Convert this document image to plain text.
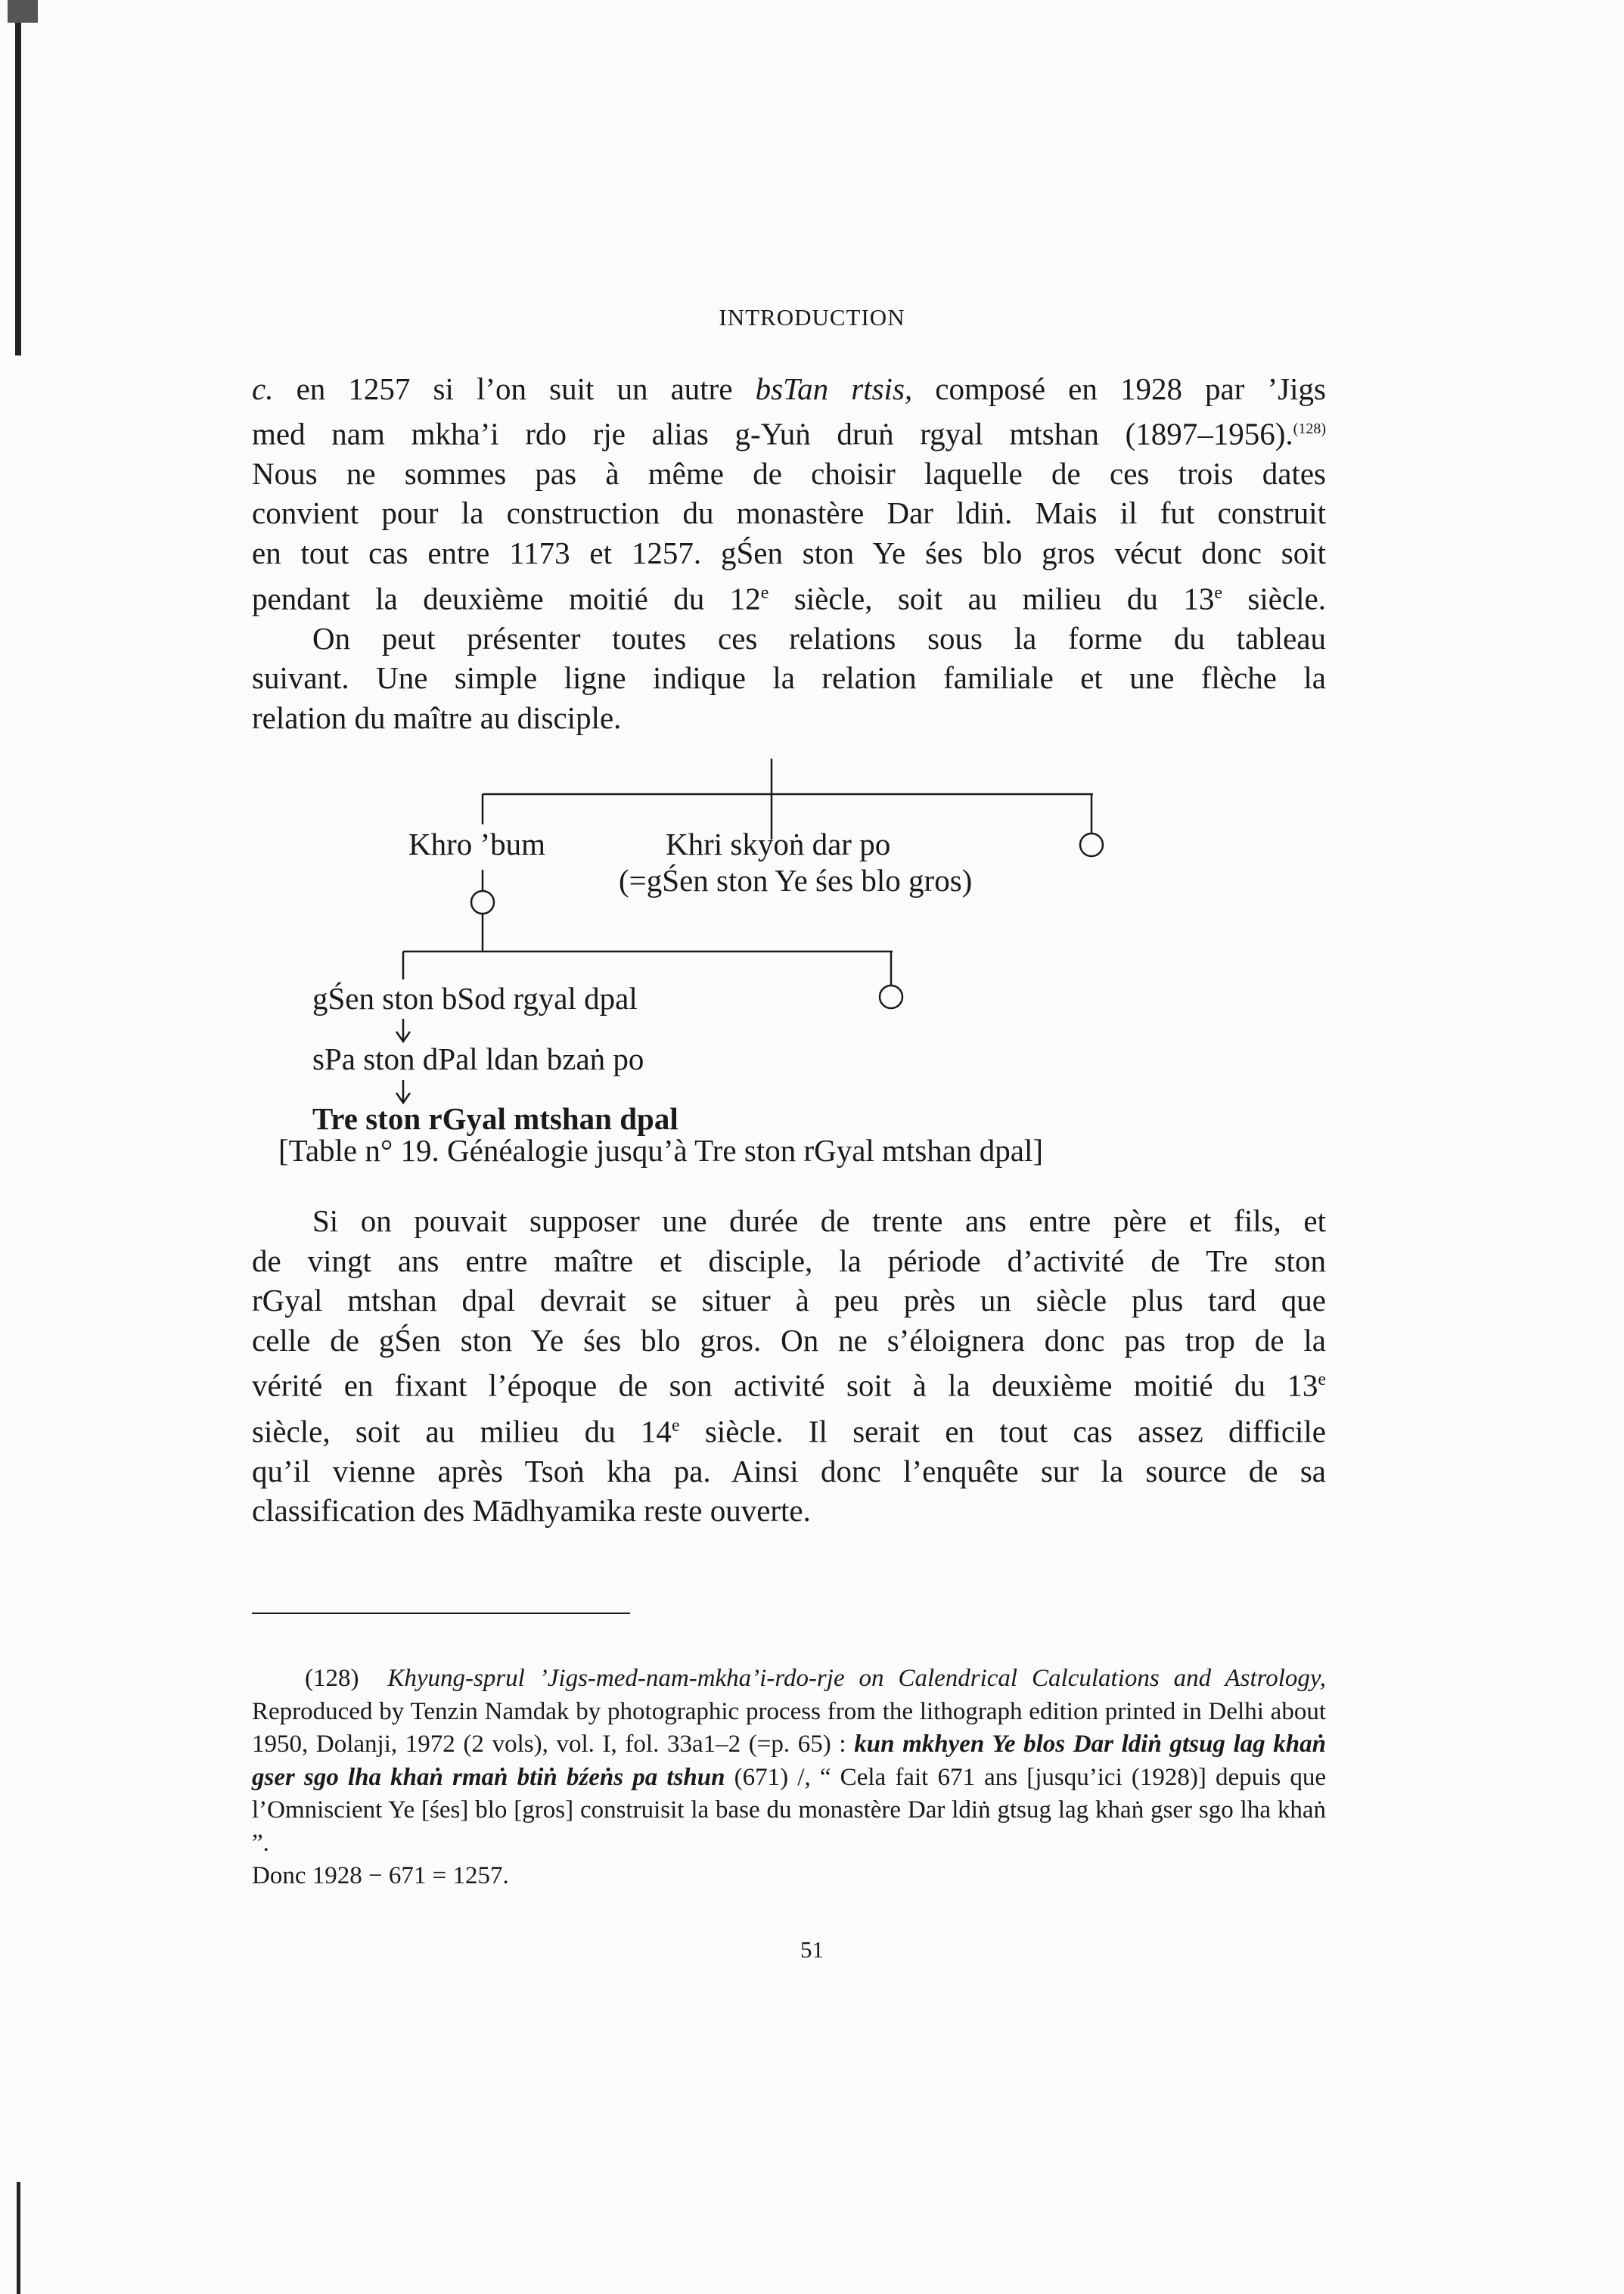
INTRODUCTION

c. en 1257 si l’on suit un autre bsTan rtsis, composé en 1928 par ’Jigs
med nam mkha’i rdo rje alias g-Yuṅ druṅ rgyal mtshan (1897–1956).$^{(128)}$
Nous ne sommes pas à même de choisir laquelle de ces trois dates
convient pour la construction du monastère Dar ldiṅ. Mais il fut construit
en tout cas entre 1173 et 1257. gŚen ston Ye śes blo gros vécut donc soit
pendant la deuxième moitié du 12e siècle, soit au milieu du 13e siècle.

On peut présenter toutes ces relations sous la forme du tableau
suivant. Une simple ligne indique la relation familiale et une flèche la
relation du maître au disciple.

Khro ’bum	Khri skyoṅ dar po
(=gŚen ston Ye śes blo gros)
gŚen ston bSod rgyal dpal
sPa ston dPal ldan bzaṅ po
Tre ston rGyal mtshan dpal
[Table n° 19. Généalogie jusqu’à Tre ston rGyal mtshan dpal]

Si on pouvait supposer une durée de trente ans entre père et fils, et
de vingt ans entre maître et disciple, la période d’activité de Tre ston
rGyal mtshan dpal devrait se situer à peu près un siècle plus tard que
celle de gŚen ston Ye śes blo gros. On ne s’éloignera donc pas trop de la
vérité en fixant l’époque de son activité soit à la deuxième moitié du 13e
siècle, soit au milieu du 14e siècle. Il serait en tout cas assez difficile
qu’il vienne après Tsoṅ kha pa. Ainsi donc l’enquête sur la source de sa
classification des Mādhyamika reste ouverte.

(128) Khyung-sprul ’Jigs-med-nam-mkha’i-rdo-rje on Calendrical Calculations and Astrology, Reproduced by Tenzin Namdak by photographic process from the lithograph edition printed in Delhi about 1950, Dolanji, 1972 (2 vols), vol. I, fol. 33a1–2 (=p. 65) : kun mkhyen Ye blos Dar ldiṅ gtsug lag khaṅ gser sgo lha khaṅ rmaṅ btiṅ bźeṅs pa tshun (671) /, “ Cela fait 671 ans [jusqu’ici (1928)] depuis que l’Omniscient Ye [śes] blo [gros] construisit la base du monastère Dar ldiṅ gtsug lag khaṅ gser sgo lha khaṅ ”.
Donc 1928 − 671 = 1257.

51
